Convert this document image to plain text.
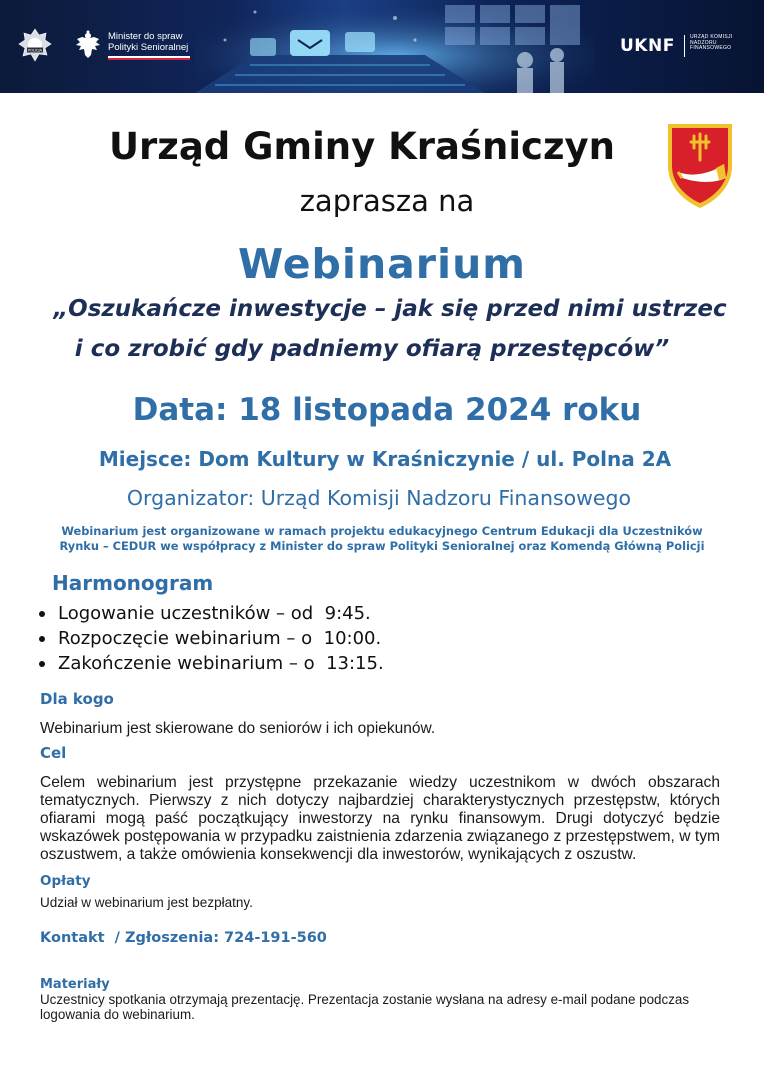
POLICJA
Minister do spraw
Polityki Senioralnej	UKNF	URZĄD KOMISJI NADZORU FINANSOWEGO
Urząd Gminy Kraśniczyn
zaprasza na
Webinarium
„Oszukańcze inwestycje – jak się przed nimi ustrzec
i co zrobić gdy padniemy ofiarą przestępców”
Data: 18 listopada 2024 roku
Miejsce: Dom Kultury w Kraśniczynie / ul. Polna 2A
Organizator: Urząd Komisji Nadzoru Finansowego
Webinarium jest organizowane w ramach projektu edukacyjnego Centrum Edukacji dla Uczestników
Rynku – CEDUR we współpracy z Minister do spraw Polityki Senioralnej oraz Komendą Główną Policji
Harmonogram
Logowanie uczestników – od  9:45.
Rozpoczęcie webinarium – o  10:00.
Zakończenie webinarium – o  13:15.
Dla kogo
Webinarium jest skierowane do seniorów i ich opiekunów.
Cel
Celem webinarium jest przystępne przekazanie wiedzy uczestnikom w dwóch obszarach tematycznych. Pierwszy z nich dotyczy najbardziej charakterystycznych przestępstw, których ofiarami mogą paść początkujący inwestorzy na rynku finansowym. Drugi dotyczyć będzie wskazówek postępowania w przypadku zaistnienia zdarzenia związanego z przestępstwem, w tym oszustwem, a także omówienia konsekwencji dla inwestorów, wynikających z oszustw.
Opłaty
Udział w webinarium jest bezpłatny.
Kontakt  / Zgłoszenia: 724-191-560
Materiały
Uczestnicy spotkania otrzymają prezentację. Prezentacja zostanie wysłana na adresy e-mail podane podczas logowania do webinarium.
